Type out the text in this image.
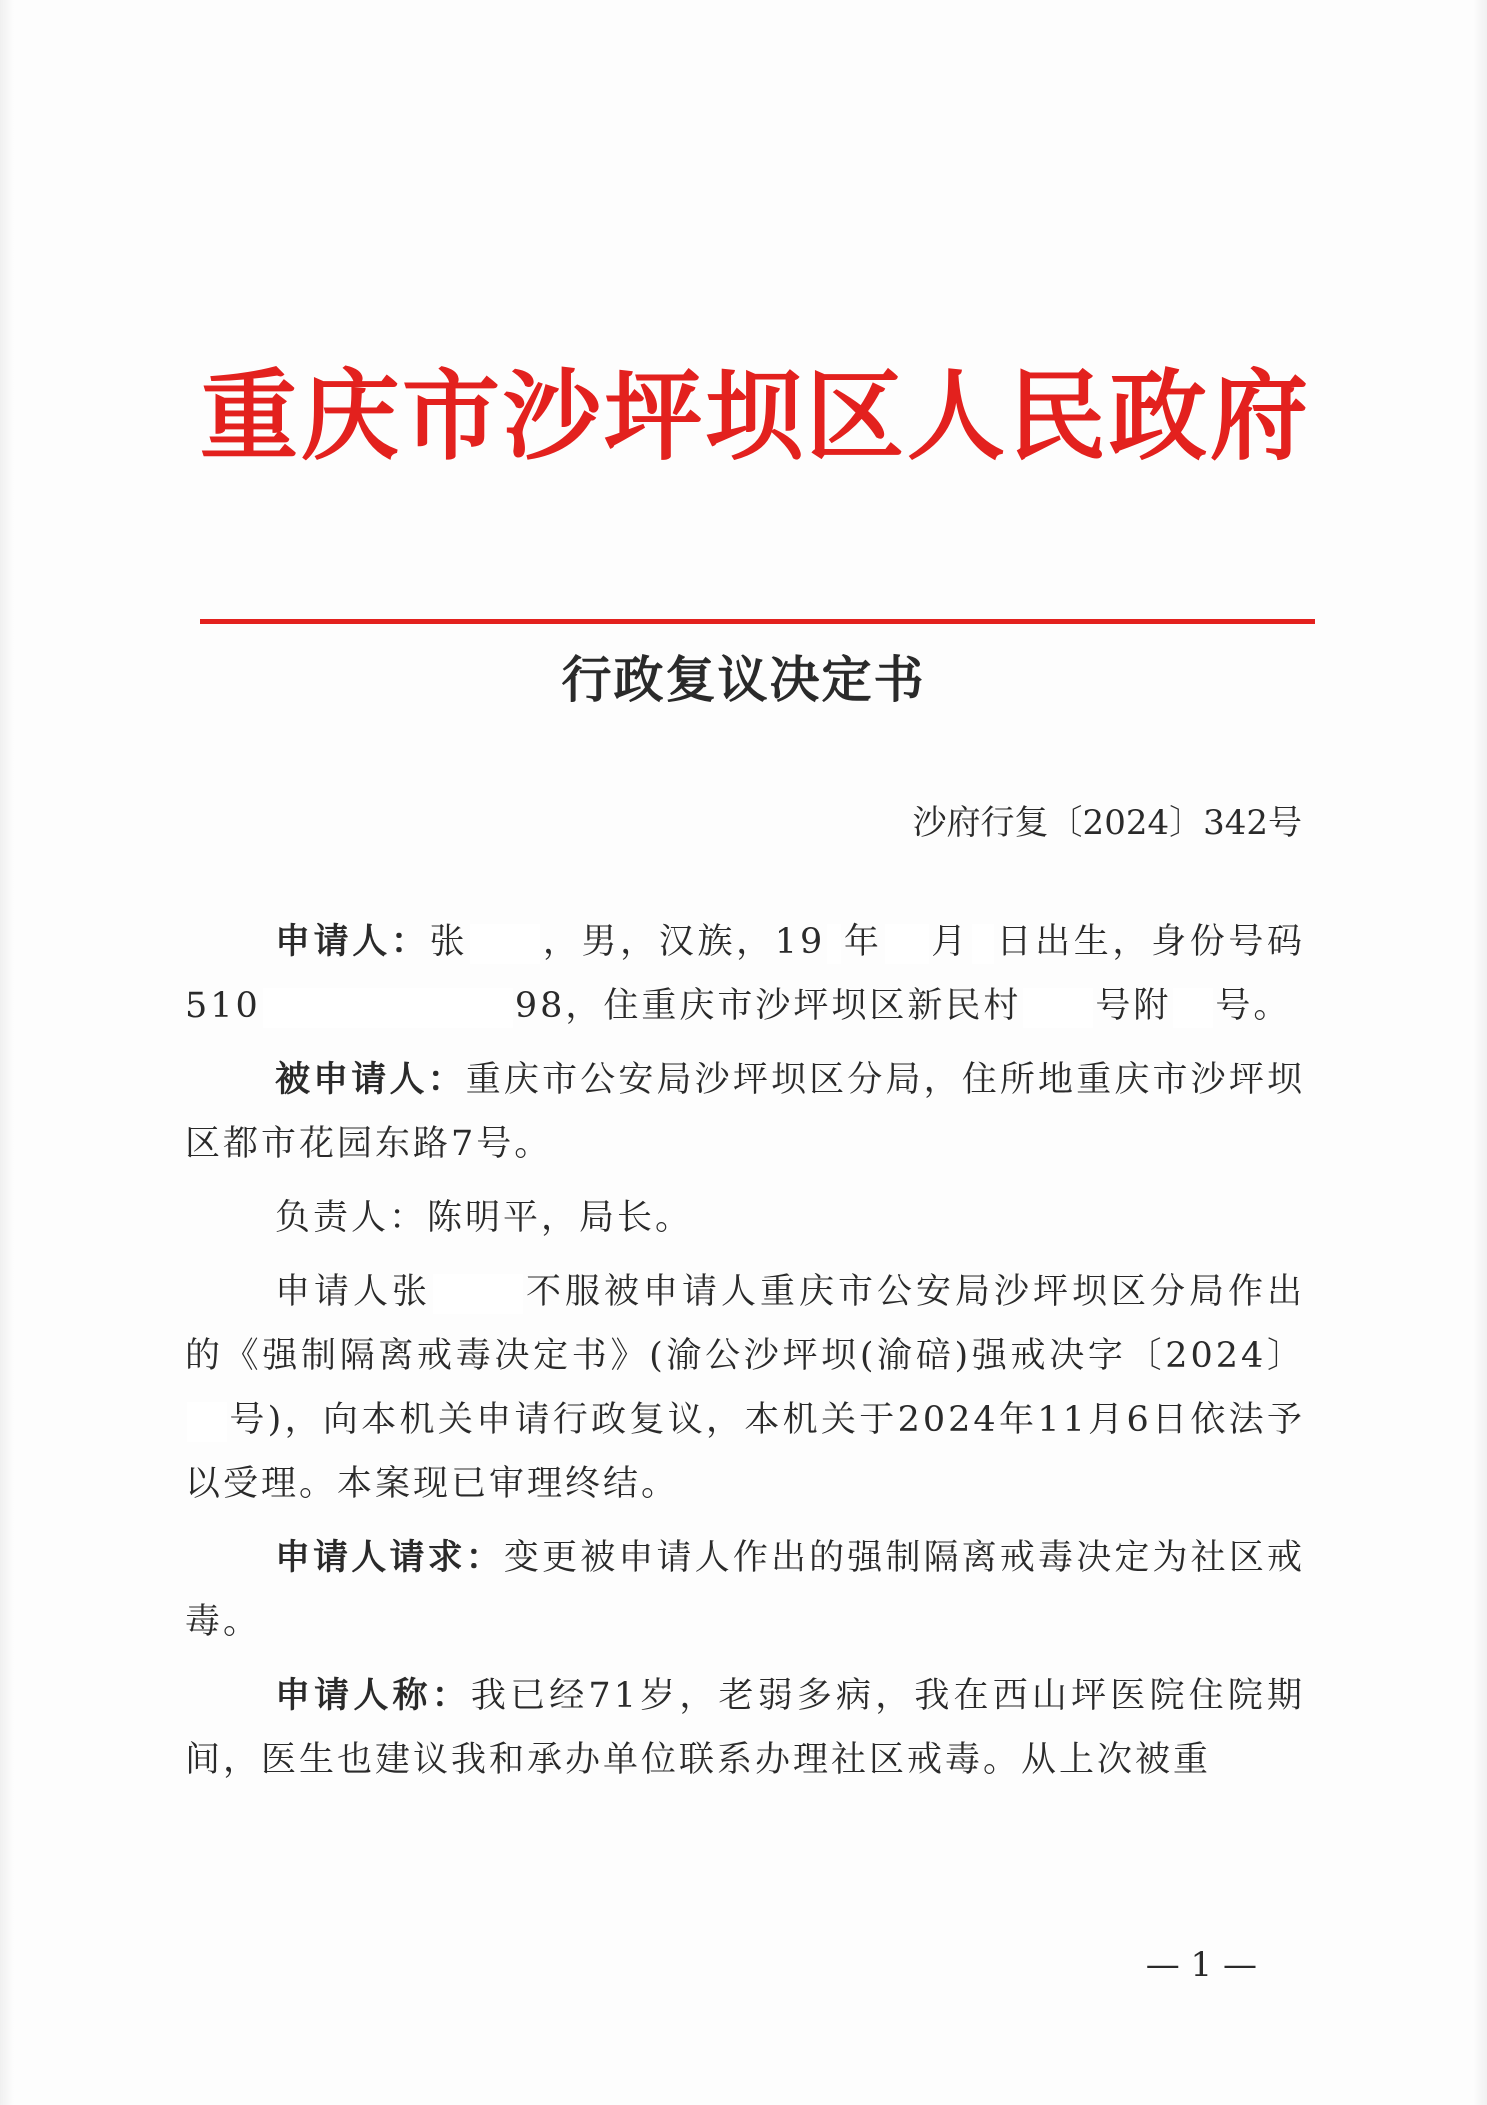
重庆市沙坪坝区人民政府
行政复议决定书
沙府行复〔2024〕342号

申请人：张 ，男，汉族，19 年 月 日出生，身份号码510	98，住重庆市沙坪坝区新民村 号附 号。

被申请人：重庆市公安局沙坪坝区分局，住所地重庆市沙坪坝区都市花园东路7号。

负责人：陈明平，局长。

申请人张	不服被申请人重庆市公安局沙坪坝区分局作出的《强制隔离戒毒决定书》(渝公沙坪坝(渝碚)强戒决字〔2024〕号)，向本机关申请行政复议，本机关于2024年11月6日依法予以受理。本案现已审理终结。

申请人请求：变更被申请人作出的强制隔离戒毒决定为社区戒毒。

申请人称：我已经71岁，老弱多病，我在西山坪医院住院期间，医生也建议我和承办单位联系办理社区戒毒。从上次被重

— 1 —
